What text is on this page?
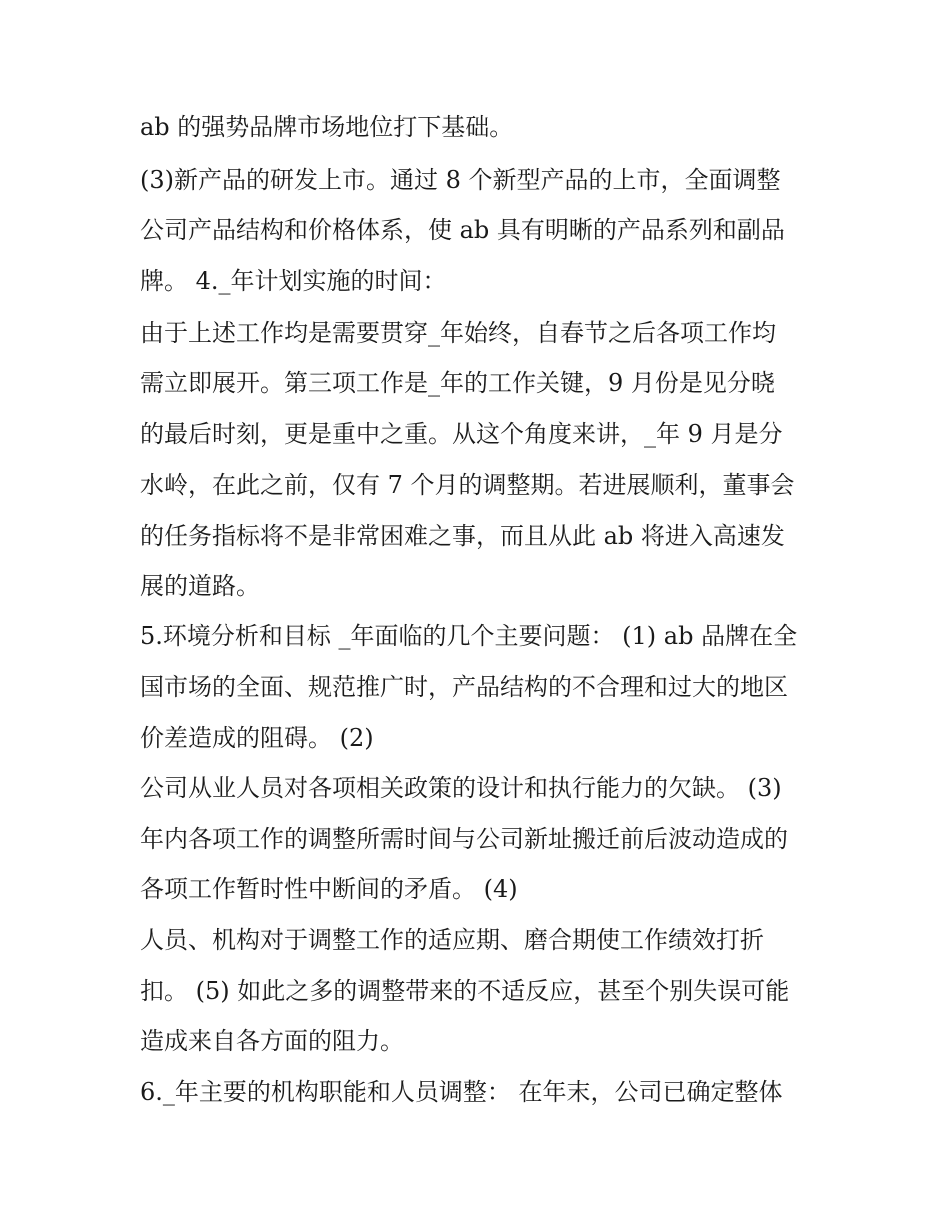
ab 的强势品牌市场地位打下基础。
(3)新产品的研发上市。通过 8 个新型产品的上市，全面调整
公司产品结构和价格体系，使 ab 具有明晰的产品系列和副品
牌。 4._年计划实施的时间：
由于上述工作均是需要贯穿_年始终，自春节之后各项工作均
需立即展开。第三项工作是_年的工作关键，9 月份是见分晓
的最后时刻，更是重中之重。从这个角度来讲，_年 9 月是分
水岭，在此之前，仅有 7 个月的调整期。若进展顺利，董事会
的任务指标将不是非常困难之事，而且从此 ab 将进入高速发
展的道路。
5.环境分析和目标 _年面临的几个主要问题： (1) ab 品牌在全
国市场的全面、规范推广时，产品结构的不合理和过大的地区
价差造成的阻碍。 (2)
公司从业人员对各项相关政策的设计和执行能力的欠缺。 (3)
年内各项工作的调整所需时间与公司新址搬迁前后波动造成的
各项工作暂时性中断间的矛盾。 (4)
人员、机构对于调整工作的适应期、磨合期使工作绩效打折
扣。 (5) 如此之多的调整带来的不适反应，甚至个别失误可能
造成来自各方面的阻力。
6._年主要的机构职能和人员调整： 在年末，公司已确定整体
